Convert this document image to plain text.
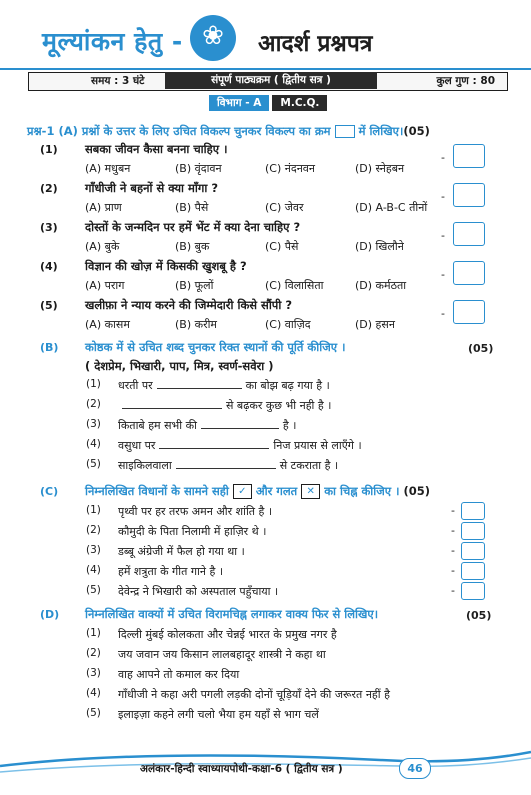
मूल्यांकन हेतु - ❀	आदर्श प्रश्नपत्र
समय : 3 घंटे	संपूर्ण पाठ्यक्रम ( द्वितीय सत्र )	कुल गुण : 80
विभाग - A	M.C.Q.
प्रश्न-1 (A) प्रश्नों के उत्तर के लिए उचित विकल्प चुनकर विकल्प का क्रम में लिखिए।(05)
(1) सबका जीवन कैसा बनना चाहिए ।
(A) मधुबन	(B) वृंदावन	(C) नंदनवन	(D) स्नेहबन
-
(2) गाँधीजी ने बहनों से क्या माँगा ?
(A) प्राण	(B) पैसे	(C) जेवर	(D) A-B-C तीनों
-
(3) दोस्तों के जन्मदिन पर हमें भेंट में क्या देना चाहिए ?
(A) बुके	(B) बुक	(C) पैसे	(D) खिलौने
-
(4) विज्ञान की खोज़ में किसकी खुशबू है ?
(A) पराग	(B) फूलों	(C) विलासिता	(D) कर्मठता
-
(5) खलीफ़ा ने न्याय करने की जिम्मेदारी किसे सौंपी ?
(A) कासम	(B) करीम	(C) वाज़िद	(D) हसन
-
(B) कोष्ठक में से उचित शब्द चुनकर रिक्त स्थानों की पूर्ति कीजिए ।	(05)
( देशप्रेम, भिखारी, पाप, मित्र, स्वर्ण-सवेरा )
(1) धरती पर	का बोझ बढ़ गया है ।
(2)	से बढ़कर कुछ भी नही है ।
(3) किताबे हम सभी की	है ।
(4) वसुधा पर	निज प्रयास से लाएँगे ।
(5) साइकिलवाला	से टकराता है ।
(C) निम्नलिखित विधानों के सामने सही ✓ और गलत ✕ का चिह्न कीजिए । (05)
(1) पृथ्वी पर हर तरफ अमन और शांति है ।	-
(2) कौमुदी के पिता निलामी में हाज़िर थे ।	-
(3) डब्बू अंग्रेजी में फैल हो गया था ।	-
(4) हमें शत्रुता के गीत गाने है ।	-
(5) देवेन्द्र ने भिखारी को अस्पताल पहुँचाया ।	-
(D) निम्नलिखित वाक्यों में उचित विरामचिह्न लगाकर वाक्य फिर से लिखिए।	(05)
(1) दिल्ली मुंबई कोलकता और चेन्नई भारत के प्रमुख नगर है
(2) जय जवान जय किसान लालबहादूर शास्त्री ने कहा था
(3) वाह आपने तो कमाल कर दिया
(4) गाँधीजी ने कहा अरी पगली लड़की दोनों चूड़ियाँ देने की जरूरत नहीं है
(5) इलाइज़ा कहने लगी चलो भैया हम यहाँ से भाग चलें
अलंकार-हिन्दी स्वाध्यायपोथी-कक्षा-6 ( द्वितीय सत्र )	46
